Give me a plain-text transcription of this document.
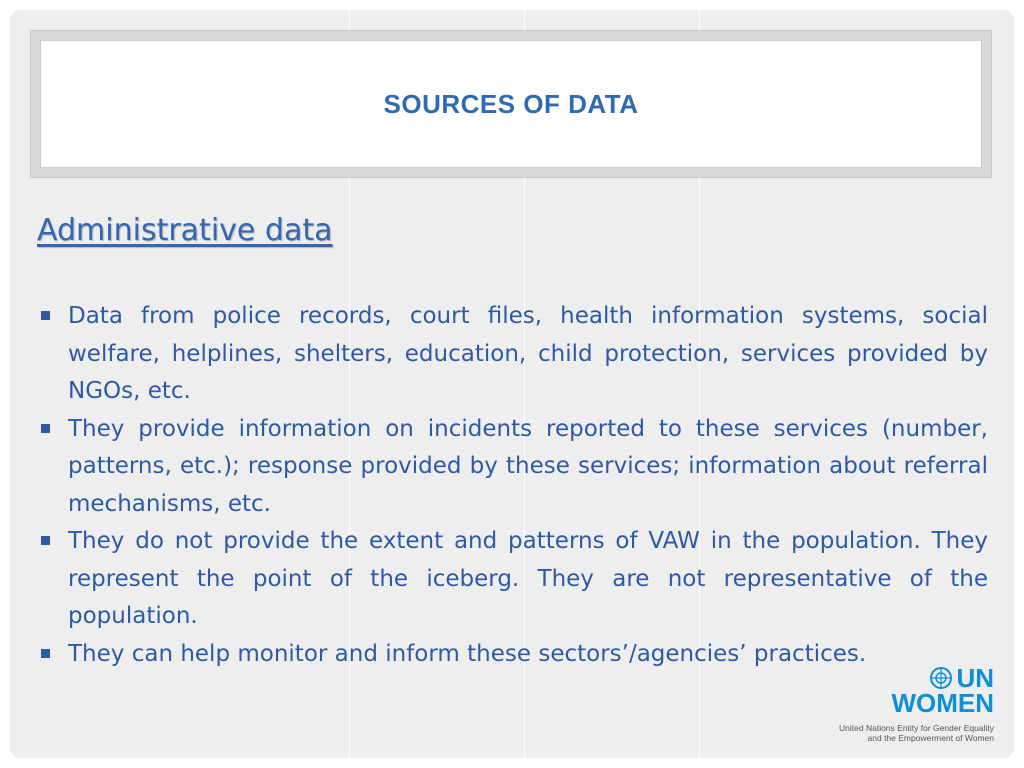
SOURCES OF DATA
Administrative data
Data from police records, court files, health information systems, social welfare, helplines, shelters, education, child protection, services provided by NGOs, etc.
They provide information on incidents reported to these services (number, patterns, etc.); response provided by these services; information about referral mechanisms, etc.
They do not provide the extent and patterns of VAW in the population. They represent the point of the iceberg. They are not representative of the population.
They can help monitor and inform these sectors’/agencies’ practices.
UN
WOMEN
United Nations Entity for Gender Equality
and the Empowerment of Women
